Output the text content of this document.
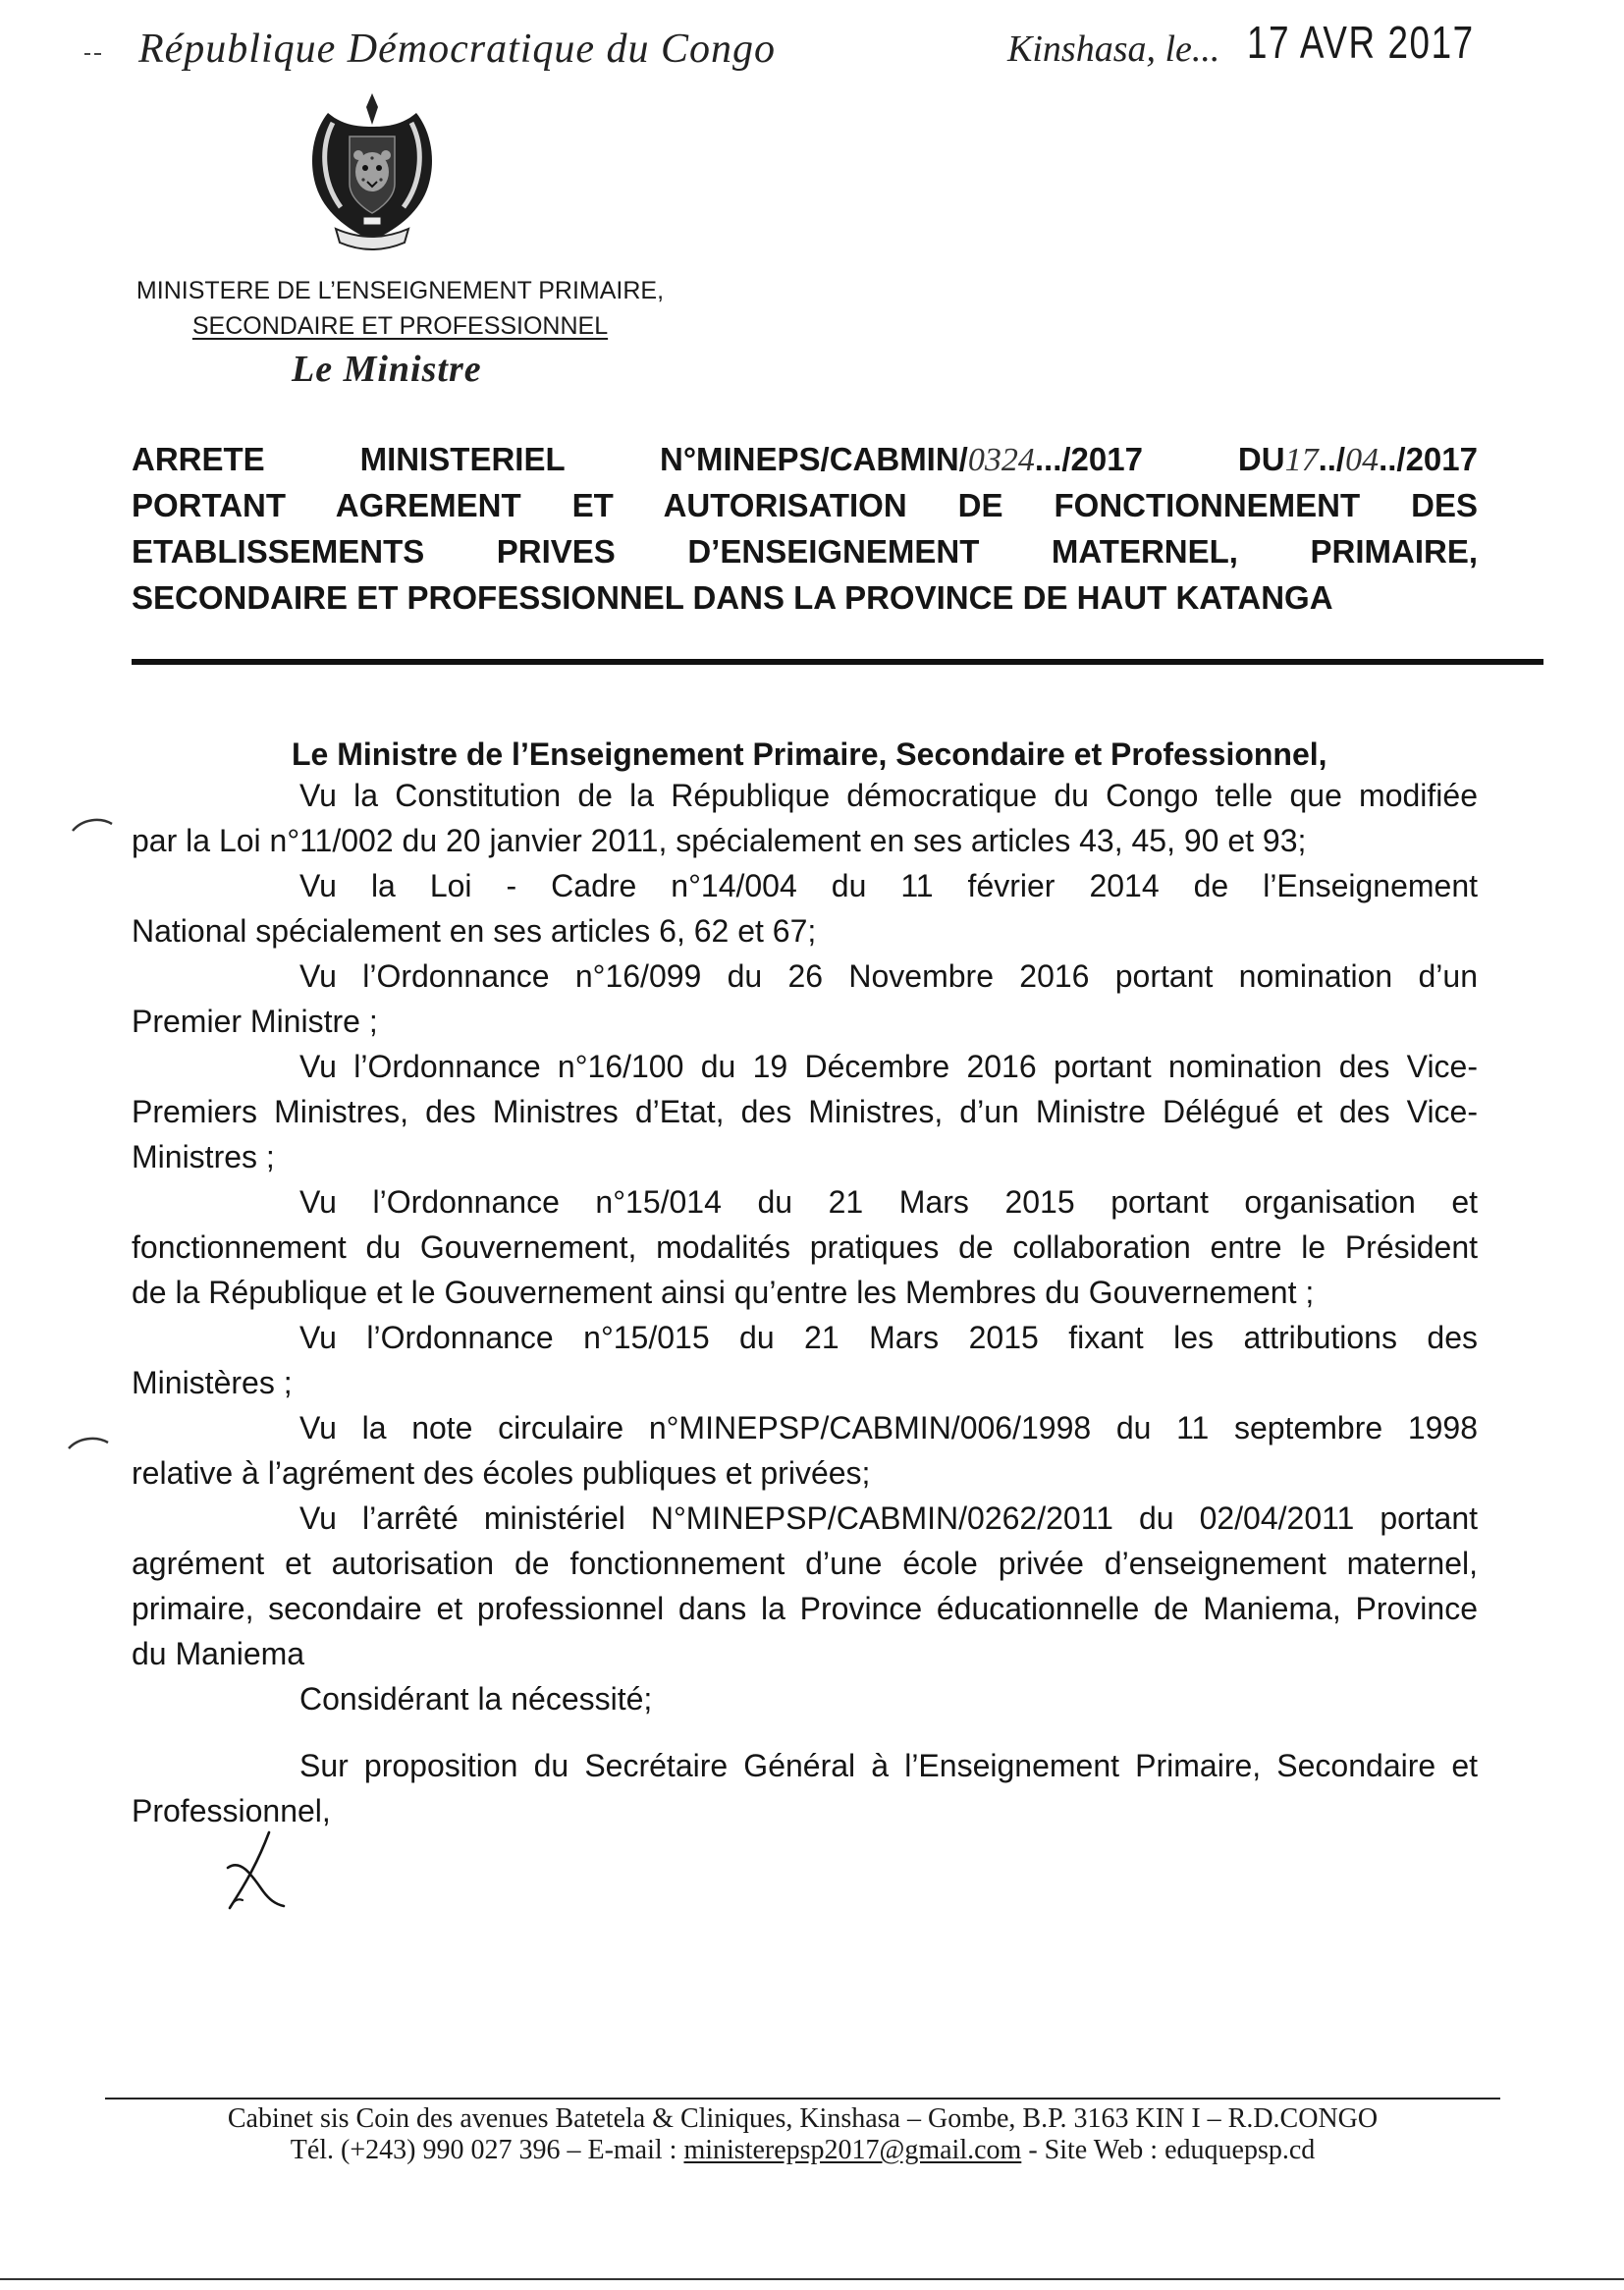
République Démocratique du Congo	Kinshasa, le... 17 AVR 2017
MINISTERE DE L’ENSEIGNEMENT PRIMAIRE,
SECONDAIRE ET PROFESSIONNEL
Le Ministre
ARRETE MINISTERIEL N°MINEPS/CABMIN/0324.../2017 DU17../04../2017
PORTANT AGREMENT ET AUTORISATION DE FONCTIONNEMENT DES
ETABLISSEMENTS PRIVES D’ENSEIGNEMENT MATERNEL, PRIMAIRE,
SECONDAIRE ET PROFESSIONNEL DANS LA PROVINCE DE HAUT KATANGA
Le Ministre de l’Enseignement Primaire, Secondaire et Professionnel,
Vu la Constitution de la République démocratique du Congo telle que modifiée
par la Loi n°11/002 du 20 janvier 2011, spécialement en ses articles 43, 45, 90 et 93;
Vu la Loi - Cadre n°14/004 du 11 février 2014 de l’Enseignement
National spécialement en ses articles 6, 62 et 67;
Vu l’Ordonnance n°16/099 du 26 Novembre 2016 portant nomination d’un
Premier Ministre ;
Vu l’Ordonnance n°16/100 du 19 Décembre 2016 portant nomination des Vice-
Premiers Ministres, des Ministres d’Etat, des Ministres, d’un Ministre Délégué et des Vice-
Ministres ;
Vu l’Ordonnance n°15/014 du 21 Mars 2015 portant organisation et
fonctionnement du Gouvernement, modalités pratiques de collaboration entre le Président
de la République et le Gouvernement ainsi qu’entre les Membres du Gouvernement ;
Vu l’Ordonnance n°15/015 du 21 Mars 2015 fixant les attributions des
Ministères ;
Vu la note circulaire n°MINEPSP/CABMIN/006/1998 du 11 septembre 1998
relative à l’agrément des écoles publiques et privées;
Vu l’arrêté ministériel N°MINEPSP/CABMIN/0262/2011 du 02/04/2011 portant
agrément et autorisation de fonctionnement d’une école privée d’enseignement maternel,
primaire, secondaire et professionnel dans la Province éducationnelle de Maniema, Province
du Maniema
Considérant la nécessité;
Sur proposition du Secrétaire Général à l’Enseignement Primaire, Secondaire et
Professionnel,
Cabinet sis Coin des avenues Batetela & Cliniques, Kinshasa – Gombe, B.P. 3163 KIN I – R.D.CONGO
Tél. (+243) 990 027 396 – E-mail : ministerepsp2017@gmail.com - Site Web : eduquepsp.cd
